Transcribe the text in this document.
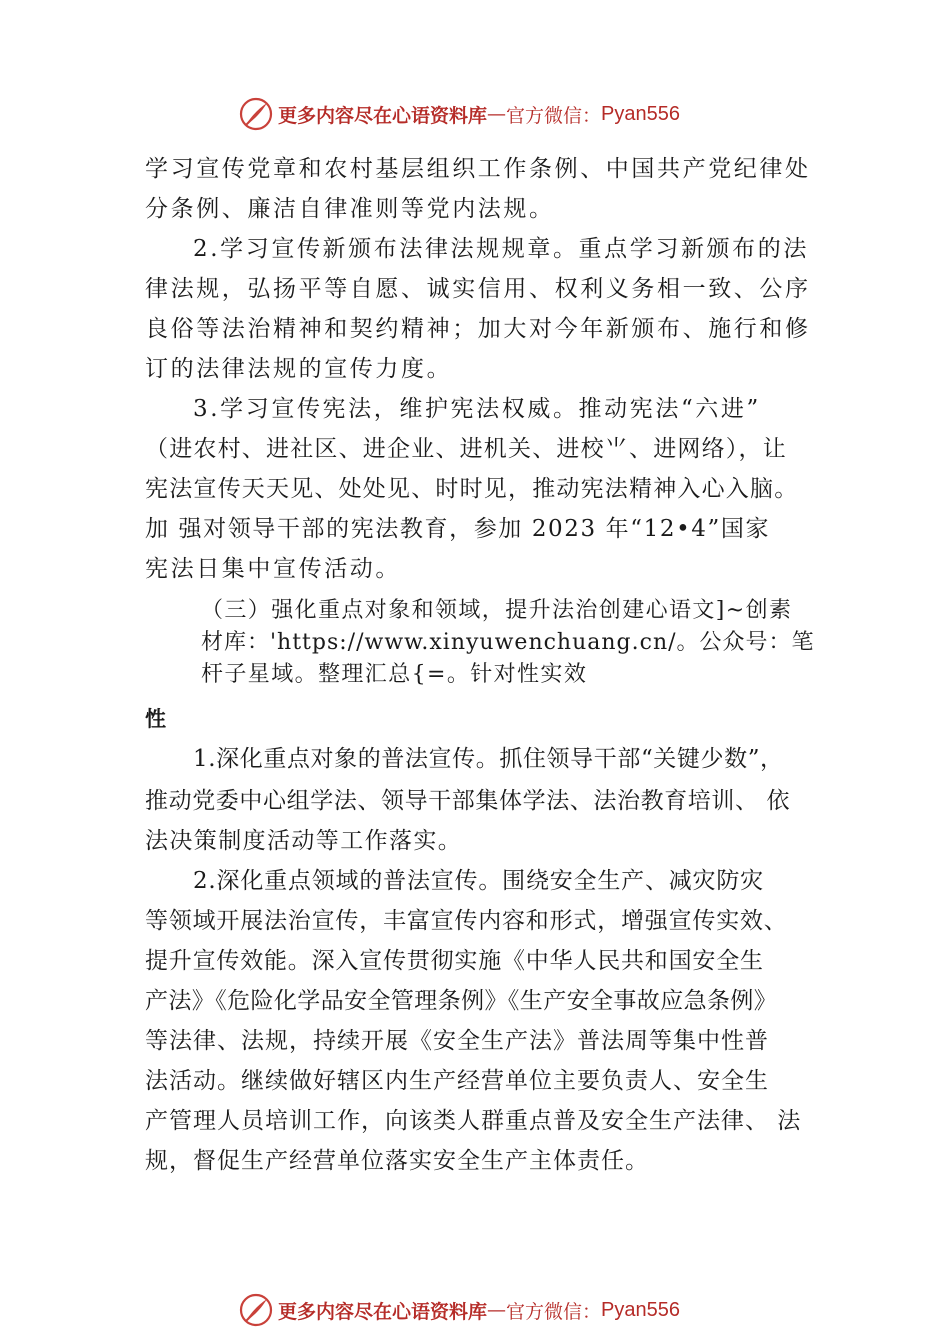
更多内容尽在心语资料库 — 官方微信： Pyan556
学习宣传党章和农村基层组织工作条例、中国共产党纪律处
分条例、廉洁自律准则等党内法规。
2.学习宣传新颁布法律法规规章。重点学习新颁布的法
律法规，弘扬平等自愿、诚实信用、权利义务相一致、公序
良俗等法治精神和契约精神；加大对今年新颁布、施行和修
订的法律法规的宣传力度。
3.学习宣传宪法，维护宪法权威。推动宪法“六进”
（进农村、进社区、进企业、进机关、进校⺌、进网络），让
宪法宣传天天见、处处见、时时见，推动宪法精神入心入脑。
加 强对领导干部的宪法教育，参加 2023 年“12•4”国家
宪法日集中宣传活动。
（三）强化重点对象和领域，提升法治创建心语文]~创素
材库：'https://www.xinyuwenchuang.cn/。公众号：笔
杆子星域。整理汇总{=。针对性实效
性
1.深化重点对象的普法宣传。抓住领导干部“关键少数”，
推动党委中心组学法、领导干部集体学法、法治教育培训、 依
法决策制度活动等工作落实。
2.深化重点领域的普法宣传。围绕安全生产、减灾防灾
等领域开展法治宣传，丰富宣传内容和形式，增强宣传实效、
提升宣传效能。深入宣传贯彻实施《中华人民共和国安全生
产法》《危险化学品安全管理条例》《生产安全事故应急条例》
等法律、法规，持续开展《安全生产法》普法周等集中性普
法活动。继续做好辖区内生产经营单位主要负责人、安全生
产管理人员培训工作，向该类人群重点普及安全生产法律、 法
规，督促生产经营单位落实安全生产主体责任。
更多内容尽在心语资料库 — 官方微信： Pyan556
